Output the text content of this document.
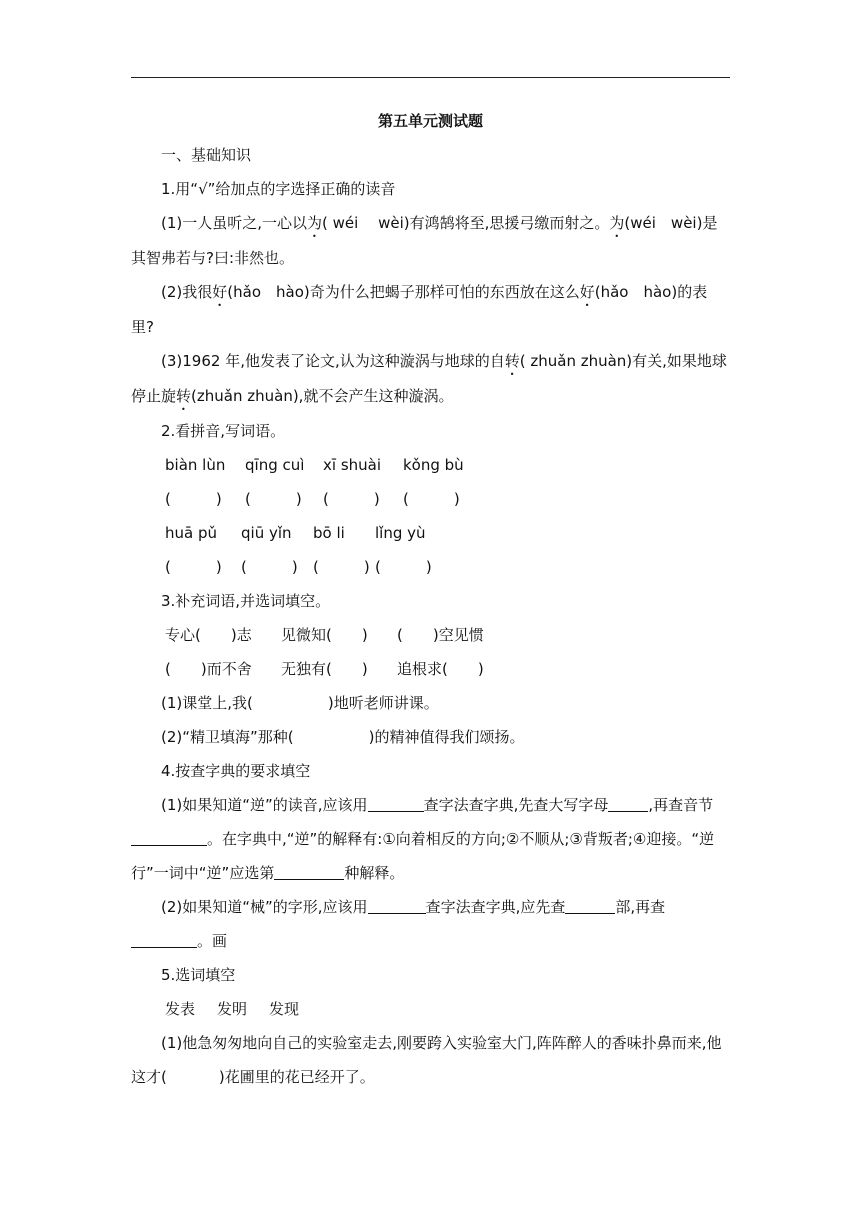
第五单元测试题
一、基础知识
1.用“√”给加点的字选择正确的读音
(1)一人虽听之,一心以为( wéi　 wèi)有鸿鹄将至,思援弓缴而射之。为(wéi　wèi)是其智弗若与?曰:非然也。
(2)我很好(hǎo　hào)奇为什么把蝎子那样可怕的东西放在这么好(hǎo　hào)的表里?
(3)1962 年,他发表了论文,认为这种漩涡与地球的自转( zhuǎn zhuàn)有关,如果地球停止旋转(zhuǎn zhuàn),就不会产生这种漩涡。
2.看拼音,写词语。
biàn lùn	qīng cuì	xī shuài	kǒng bù
(　　　)	(　　　)	(　　　)	(　　　)
huā pǔ	qiū yǐn	bō li	lǐng yù
(　　　)	(　　　)	(　　　) (　　　)
3.补充词语,并选词填空。
专心(　　)志	见微知(　　)	(　　)空见惯
(　　)而不舍	无独有(　　)	追根求(　　)
(1)课堂上,我(　　　　　)地听老师讲课。
(2)“精卫填海”那种(　　　　　)的精神值得我们颂扬。
4.按查字典的要求填空
(1)如果知道“逆”的读音,应该用	查字法查字典,先查大写字母	,再查音节。在字典中,“逆”的解释有:①向着相反的方向;②不顺从;③背叛者;④迎接。“逆行”一词中“逆”应选第	种解释。
(2)如果知道“械”的字形,应该用	查字法查字典,应先查	部,再查。画
5.选词填空
发表	发明	发现
(1)他急匆匆地向自己的实验室走去,刚要跨入实验室大门,阵阵醉人的香味扑鼻而来,他这才(	)花圃里的花已经开了。
